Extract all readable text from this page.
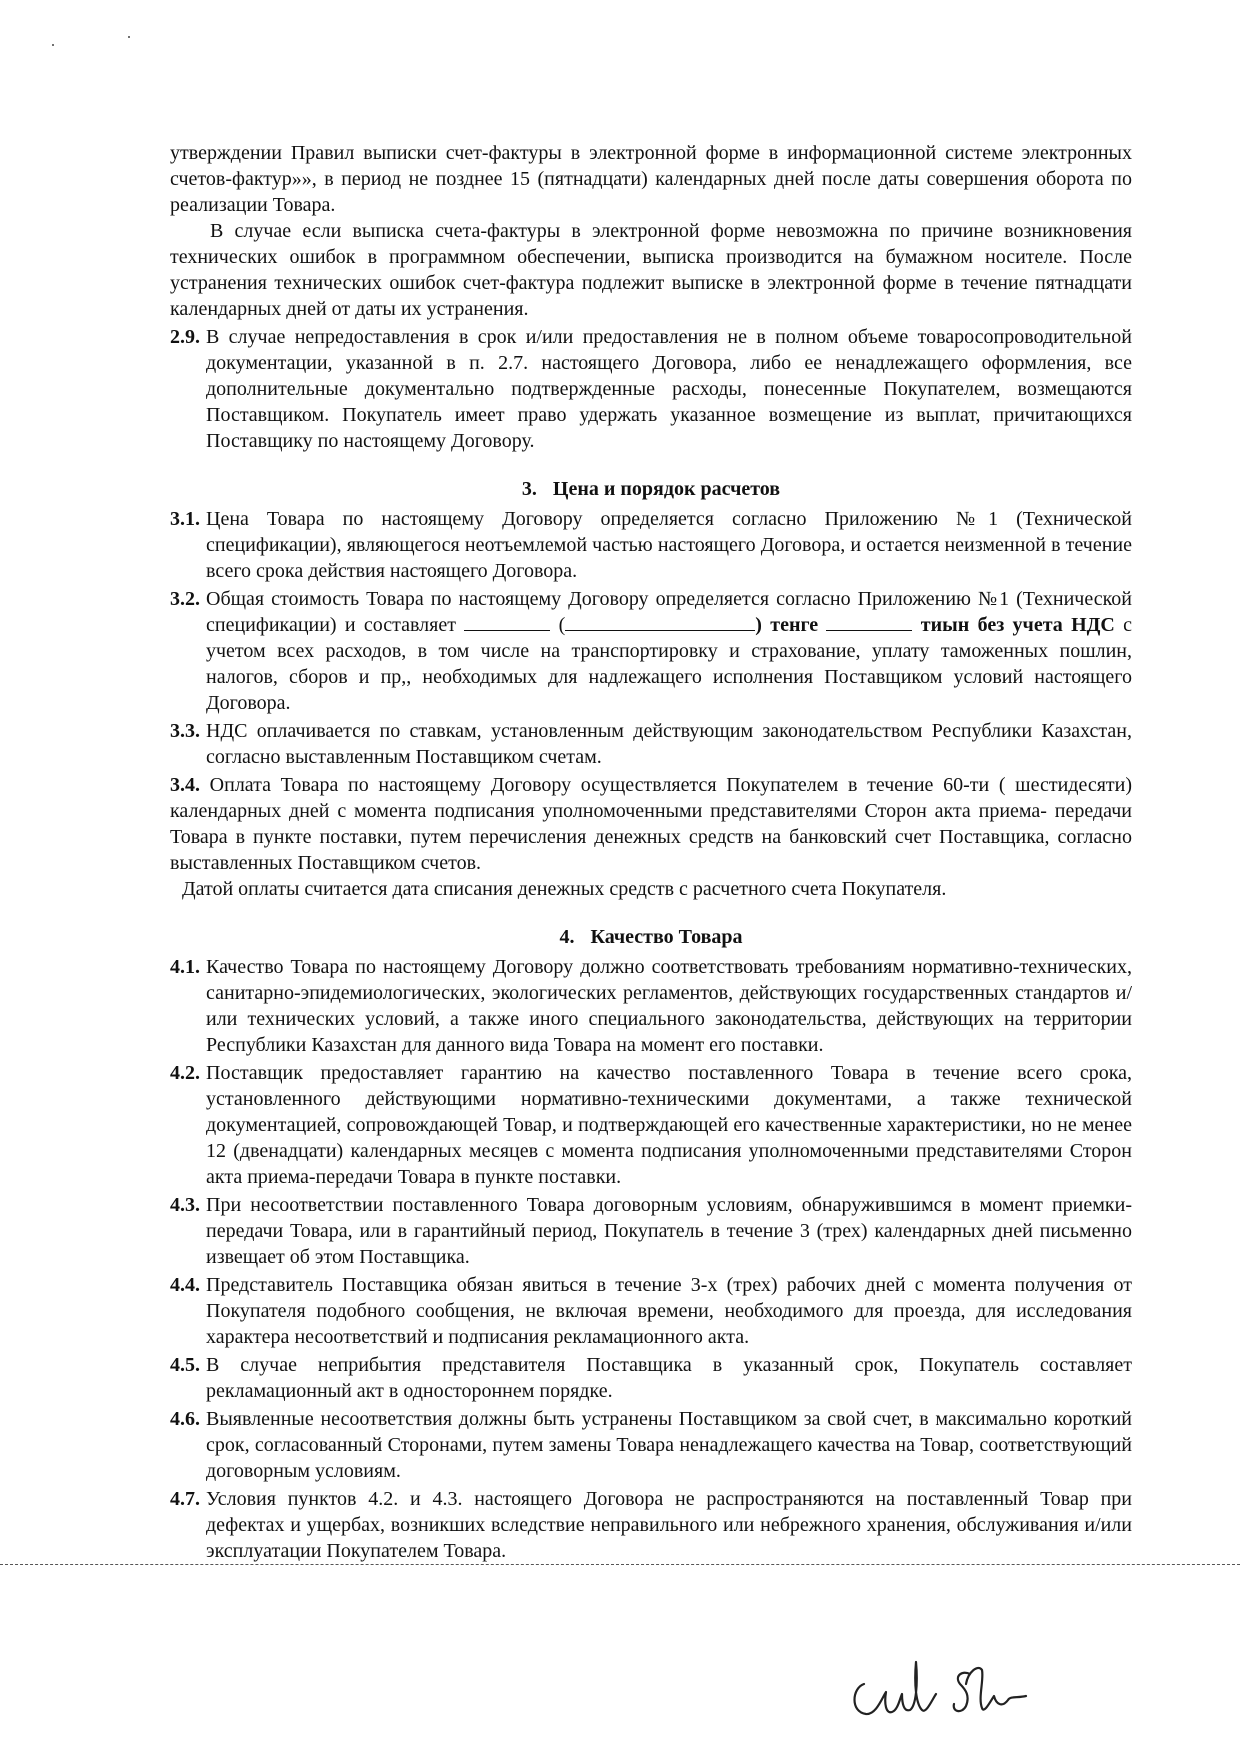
утверждении Правил выписки счет-фактуры в электронной форме в информационной системе электронных счетов-фактур»», в период не позднее 15 (пятнадцати) календарных дней после даты совершения оборота по реализации Товара.

В случае если выписка счета-фактуры в электронной форме невозможна по причине возникновения технических ошибок в программном обеспечении, выписка производится на бумажном носителе. После устранения технических ошибок счет-фактура подлежит выписке в электронной форме в течение пятнадцати календарных дней от даты их устранения.

2.9. В случае непредоставления в срок и/или предоставления не в полном объеме товаросопроводительной документации, указанной в п. 2.7. настоящего Договора, либо ее ненадлежащего оформления, все дополнительные документально подтвержденные расходы, понесенные Покупателем, возмещаются Поставщиком. Покупатель имеет право удержать указанное возмещение из выплат, причитающихся Поставщику по настоящему Договору.
3. Цена и порядок расчетов
3.1. Цена Товара по настоящему Договору определяется согласно Приложению №1 (Технической спецификации), являющегося неотъемлемой частью настоящего Договора, и остается неизменной в течение всего срока действия настоящего Договора.
3.2. Общая стоимость Товара по настоящему Договору определяется согласно Приложению №1 (Технической спецификации) и составляет	(	) тенге	тиын без учета НДС с учетом всех расходов, в том числе на транспортировку и страхование, уплату таможенных пошлин, налогов, сборов и пр,, необходимых для надлежащего исполнения Поставщиком условий настоящего Договора.
3.3. НДС оплачивается по ставкам, установленным действующим законодательством Республики Казахстан, согласно выставленным Поставщиком счетам.

3.4. Оплата Товара по настоящему Договору осуществляется Покупателем в течение 60-ти ( шестидесяти) календарных дней с момента подписания уполномоченными представителями Сторон акта приема- передачи Товара в пункте поставки, путем перечисления денежных средств на банковский счет Поставщика, согласно выставленных Поставщиком счетов.

Датой оплаты считается дата списания денежных средств с расчетного счета Покупателя.

4. Качество Товара
4.1. Качество Товара по настоящему Договору должно соответствовать требованиям нормативно-технических, санитарно-эпидемиологических, экологических регламентов, действующих государственных стандартов и/или технических условий, а также иного специального законодательства, действующих на территории Республики Казахстан для данного вида Товара на момент его поставки.
4.2. Поставщик предоставляет гарантию на качество поставленного Товара в течение всего срока, установленного действующими нормативно-техническими документами, а также технической документацией, сопровождающей Товар, и подтверждающей его качественные характеристики, но не менее 12 (двенадцати) календарных месяцев с момента подписания уполномоченными представителями Сторон акта приема-передачи Товара в пункте поставки.
4.3. При несоответствии поставленного Товара договорным условиям, обнаружившимся в момент приемки-передачи Товара, или в гарантийный период, Покупатель в течение 3 (трех) календарных дней письменно извещает об этом Поставщика.
4.4. Представитель Поставщика обязан явиться в течение 3-х (трех) рабочих дней с момента получения от Покупателя подобного сообщения, не включая времени, необходимого для проезда, для исследования характера несоответствий и подписания рекламационного акта.
4.5. В случае неприбытия представителя Поставщика в указанный срок, Покупатель составляет рекламационный акт в одностороннем порядке.
4.6. Выявленные несоответствия должны быть устранены Поставщиком за свой счет, в максимально короткий срок, согласованный Сторонами, путем замены Товара ненадлежащего качества на Товар, соответствующий договорным условиям.
4.7. Условия пунктов 4.2. и 4.3. настоящего Договора не распространяются на поставленный Товар при дефектах и ущербах, возникших вследствие неправильного или небрежного хранения, обслуживания и/или эксплуатации Покупателем Товара.
